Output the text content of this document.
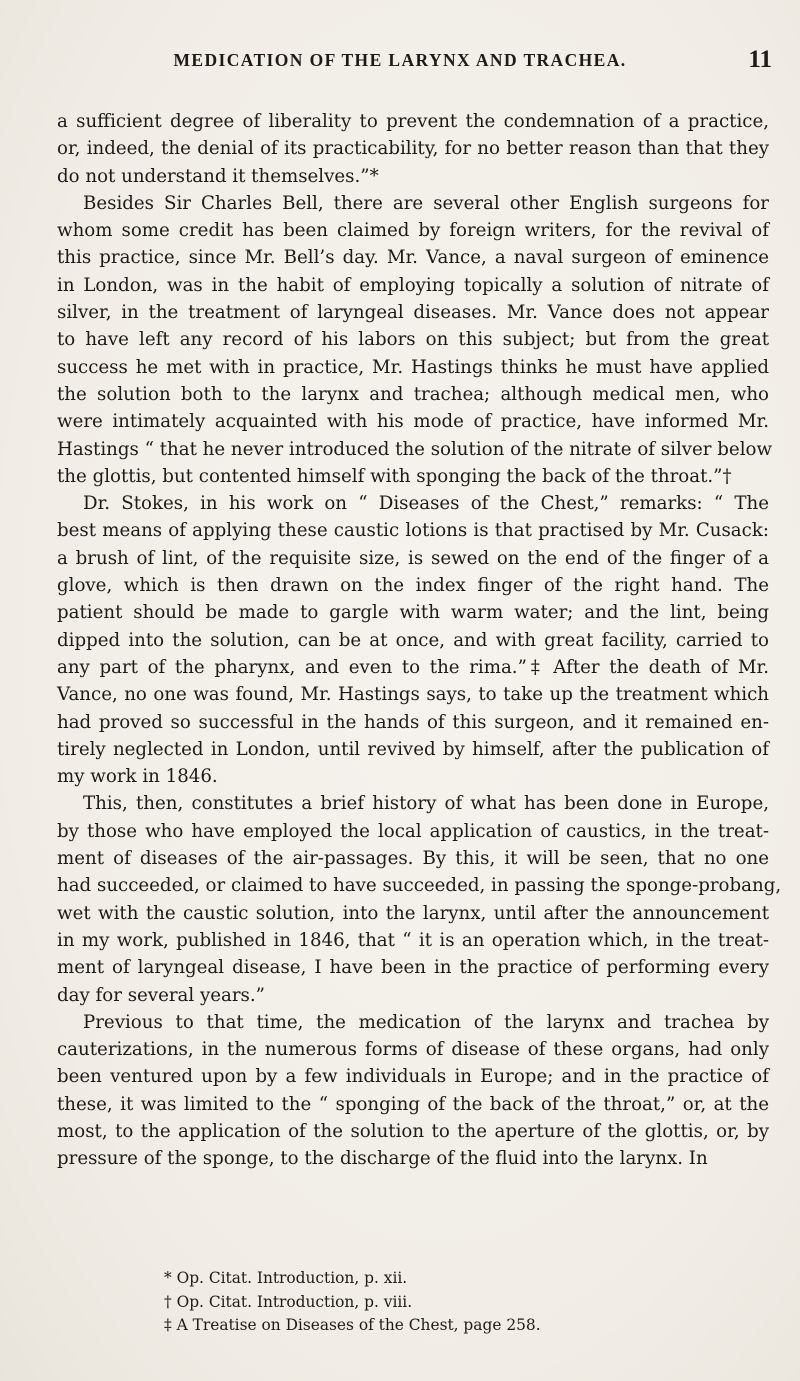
MEDICATION OF THE LARYNX AND TRACHEA.	11
a sufficient degree of liberality to prevent the condemnation of a practice,
or, indeed, the denial of its practicability, for no better reason than that they
do not understand it themselves.”*
Besides Sir Charles Bell, there are several other English surgeons for
whom some credit has been claimed by foreign writers, for the revival of
this practice, since Mr. Bell’s day. Mr. Vance, a naval surgeon of eminence
in London, was in the habit of employing topically a solution of nitrate of
silver, in the treatment of laryngeal diseases. Mr. Vance does not appear
to have left any record of his labors on this subject; but from the great
success he met with in practice, Mr. Hastings thinks he must have applied
the solution both to the larynx and trachea; although medical men, who
were intimately acquainted with his mode of practice, have informed Mr.
Hastings “ that he never introduced the solution of the nitrate of silver below
the glottis, but contented himself with sponging the back of the throat.”†
Dr. Stokes, in his work on “ Diseases of the Chest,” remarks: “ The
best means of applying these caustic lotions is that practised by Mr. Cusack:
a brush of lint, of the requisite size, is sewed on the end of the finger of a
glove, which is then drawn on the index finger of the right hand. The
patient should be made to gargle with warm water; and the lint, being
dipped into the solution, can be at once, and with great facility, carried to
any part of the pharynx, and even to the rima.”‡ After the death of Mr.
Vance, no one was found, Mr. Hastings says, to take up the treatment which
had proved so successful in the hands of this surgeon, and it remained en-
tirely neglected in London, until revived by himself, after the publication of
my work in 1846.
This, then, constitutes a brief history of what has been done in Europe,
by those who have employed the local application of caustics, in the treat-
ment of diseases of the air-passages. By this, it will be seen, that no one
had succeeded, or claimed to have succeeded, in passing the sponge-probang,
wet with the caustic solution, into the larynx, until after the announcement
in my work, published in 1846, that “ it is an operation which, in the treat-
ment of laryngeal disease, I have been in the practice of performing every
day for several years.”
Previous to that time, the medication of the larynx and trachea by
cauterizations, in the numerous forms of disease of these organs, had only
been ventured upon by a few individuals in Europe; and in the practice of
these, it was limited to the “ sponging of the back of the throat,” or, at the
most, to the application of the solution to the aperture of the glottis, or, by
pressure of the sponge, to the discharge of the fluid into the larynx. In
* Op. Citat. Introduction, p. xii.
† Op. Citat. Introduction, p. viii.
‡ A Treatise on Diseases of the Chest, page 258.
